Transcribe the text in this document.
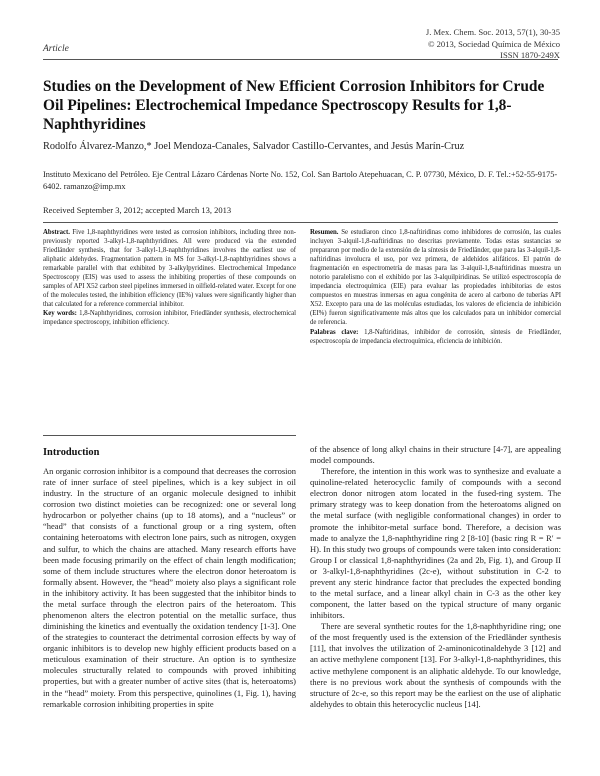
Article
J. Mex. Chem. Soc. 2013, 57(1), 30-35
© 2013, Sociedad Química de México
ISSN 1870-249X
Studies on the Development of New Efficient Corrosion Inhibitors for Crude Oil Pipelines: Electrochemical Impedance Spectroscopy Results for 1,8-Naphthyridines
Rodolfo Álvarez-Manzo,* Joel Mendoza-Canales, Salvador Castillo-Cervantes, and Jesús Marín-Cruz
Instituto Mexicano del Petróleo. Eje Central Lázaro Cárdenas Norte No. 152, Col. San Bartolo Atepehuacan, C. P. 07730, México, D. F. Tel.:+52-55-9175-6402. ramanzo@imp.mx
Received September 3, 2012; accepted March 13, 2013
Abstract. Five 1,8-naphthyridines were tested as corrosion inhibitors, including three non-previously reported 3-alkyl-1,8-naphthyridines. All were produced via the extended Friedländer synthesis, that for 3-alkyl-1,8-naphthyridines involves the earliest use of aliphatic aldehydes. Fragmentation pattern in MS for 3-alkyl-1,8-naphthyridines shows a remarkable parallel with that exhibited by 3-alkylpyridines. Electrochemical Impedance Spectroscopy (EIS) was used to assess the inhibiting properties of these compounds on samples of API X52 carbon steel pipelines immersed in oilfield-related water. Except for one of the molecules tested, the inhibition efficiency (IE%) values were significantly higher than that calculated for a reference commercial inhibitor.
Key words: 1,8-Naphthyridines, corrosion inhibitor, Friedländer synthesis, electrochemical impedance spectroscopy, inhibition efficiency.
Resumen. Se estudiaron cinco 1,8-naftiridinas como inhibidores de corrosión, las cuales incluyen 3-alquil-1,8-naftiridinas no descritas previamente. Todas estas sustancias se prepararon por medio de la extensión de la síntesis de Friedländer, que para las 3-alquil-1,8-naftiridinas involucra el uso, por vez primera, de aldehídos alifáticos. El patrón de fragmentación en espectrometría de masas para las 3-alquil-1,8-naftiridinas muestra un notorio paralelismo con el exhibido por las 3-alquilpiridinas. Se utilizó espectroscopía de impedancia electroquímica (EIE) para evaluar las propiedades inhibitorias de estos compuestos en muestras inmersas en agua congénita de acero al carbono de tuberías API X52. Excepto para una de las moléculas estudiadas, los valores de eficiencia de inhibición (EI%) fueron significativamente más altos que los calculados para un inhibidor comercial de referencia.
Palabras clave: 1,8-Naftiridinas, inhibidor de corrosión, síntesis de Friedländer, espectroscopía de impedancia electroquímica, eficiencia de inhibición.
Introduction

An organic corrosion inhibitor is a compound that decreases the corrosion rate of inner surface of steel pipelines, which is a key subject in oil industry. In the structure of an organic molecule designed to inhibit corrosion two distinct moieties can be recognized: one or several long hydrocarbon or polyether chains (up to 18 atoms), and a “nucleus” or “head” that consists of a functional group or a ring system, often containing heteroatoms with electron lone pairs, such as nitrogen, oxygen and sulfur, to which the chains are attached. Many research efforts have been made focusing primarily on the effect of chain length modification; some of them include structures where the electron donor heteroatom is formally absent. However, the “head” moiety also plays a significant role in the inhibitory activity. It has been suggested that the inhibitor binds to the metal surface through the electron pairs of the heteroatom. This phenomenon alters the electron potential on the metallic surface, thus diminishing the kinetics and eventually the oxidation tendency [1-3]. One of the strategies to counteract the detrimental corrosion effects by way of organic inhibitors is to develop new highly efficient products based on a meticulous examination of their structure. An option is to synthesize molecules structurally related to compounds with proved inhibiting properties, but with a greater number of active sites (that is, heteroatoms) in the “head” moiety. From this perspective, quinolines (1, Fig. 1), having remarkable corrosion inhibiting properties in spite

of the absence of long alkyl chains in their structure [4-7], are appealing model compounds.

Therefore, the intention in this work was to synthesize and evaluate a quinoline-related heterocyclic family of compounds with a second electron donor nitrogen atom located in the fused-ring system. The primary strategy was to keep donation from the heteroatoms aligned on the metal surface (with negligible conformational changes) in order to promote the inhibitor-metal surface bond. Therefore, a decision was made to analyze the 1,8-naphthyridine ring 2 [8-10] (basic ring R = R′ = H). In this study two groups of compounds were taken into consideration: Group I or classical 1,8-naphthyridines (2a and 2b, Fig. 1), and Group II or 3-alkyl-1,8-naphthyridines (2c-e), without substitution in C-2 to prevent any steric hindrance factor that precludes the expected bonding to the metal surface, and a linear alkyl chain in C-3 as the other key component, the latter based on the typical structure of many organic inhibitors.

There are several synthetic routes for the 1,8-naphthyridine ring; one of the most frequently used is the extension of the Friedländer synthesis [11], that involves the utilization of 2-aminonicotinaldehyde 3 [12] and an active methylene component [13]. For 3-alkyl-1,8-naphthyridines, this active methylene component is an aliphatic aldehyde. To our knowledge, there is no previous work about the synthesis of compounds with the structure of 2c-e, so this report may be the earliest on the use of aliphatic aldehydes to obtain this heterocyclic nucleus [14].
